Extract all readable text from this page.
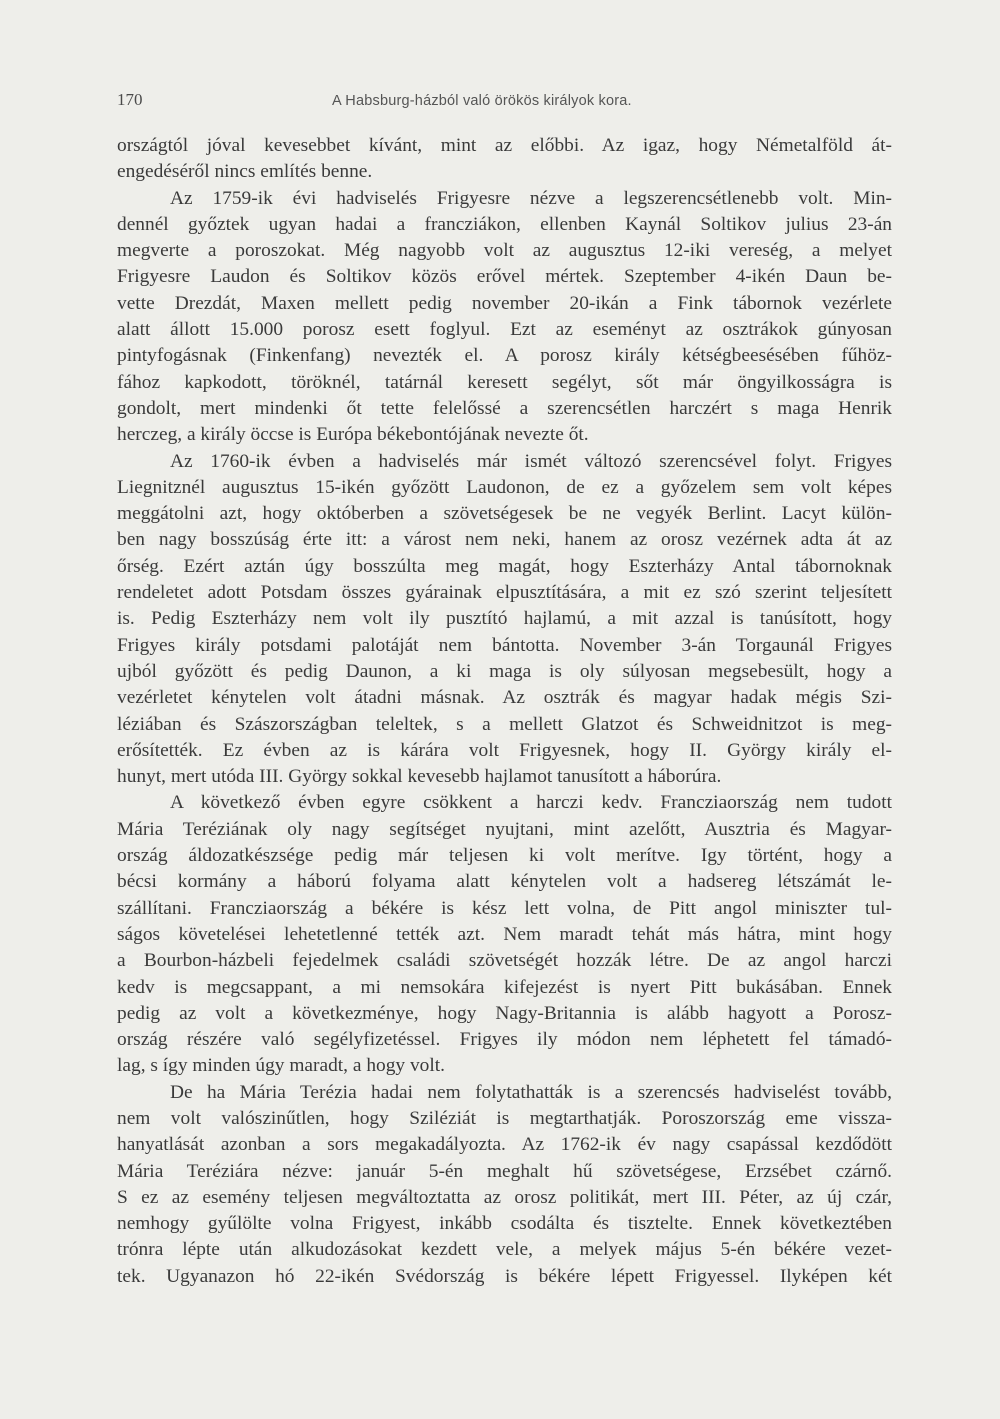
170	A Habsburg-házból való örökös királyok kora.
országtól jóval kevesebbet kívánt, mint az előbbi. Az igaz, hogy Németalföld át-
engedéséről nincs említés benne.
Az 1759-ik évi hadviselés Frigyesre nézve a legszerencsétlenebb volt. Min-
dennél győztek ugyan hadai a francziákon, ellenben Kaynál Soltikov julius 23-án
megverte a poroszokat. Még nagyobb volt az augusztus 12-iki vereség, a melyet
Frigyesre Laudon és Soltikov közös erővel mértek. Szeptember 4-ikén Daun be-
vette Drezdát, Maxen mellett pedig november 20-ikán a Fink tábornok vezérlete
alatt állott 15.000 porosz esett foglyul. Ezt az eseményt az osztrákok gúnyosan
pintyfogásnak (Finkenfang) nevezték el. A porosz király kétségbeesésében fűhöz-
fához kapkodott, töröknél, tatárnál keresett segélyt, sőt már öngyilkosságra is
gondolt, mert mindenki őt tette felelőssé a szerencsétlen harczért s maga Henrik
herczeg, a király öccse is Európa békebontójának nevezte őt.
Az 1760-ik évben a hadviselés már ismét változó szerencsével folyt. Frigyes
Liegnitznél augusztus 15-ikén győzött Laudonon, de ez a győzelem sem volt képes
meggátolni azt, hogy októberben a szövetségesek be ne vegyék Berlint. Lacyt külön-
ben nagy bosszúság érte itt: a várost nem neki, hanem az orosz vezérnek adta át az
őrség. Ezért aztán úgy bosszúlta meg magát, hogy Eszterházy Antal tábornoknak
rendeletet adott Potsdam összes gyárainak elpusztítására, a mit ez szó szerint teljesített
is. Pedig Eszterházy nem volt ily pusztító hajlamú, a mit azzal is tanúsított, hogy
Frigyes király potsdami palotáját nem bántotta. November 3-án Torgaunál Frigyes
ujból győzött és pedig Daunon, a ki maga is oly súlyosan megsebesült, hogy a
vezérletet kénytelen volt átadni másnak. Az osztrák és magyar hadak mégis Szi-
léziában és Szászországban teleltek, s a mellett Glatzot és Schweidnitzot is meg-
erősítették. Ez évben az is kárára volt Frigyesnek, hogy II. György király el-
hunyt, mert utóda III. György sokkal kevesebb hajlamot tanusított a háborúra.
A következő évben egyre csökkent a harczi kedv. Francziaország nem tudott
Mária Teréziának oly nagy segítséget nyujtani, mint azelőtt, Ausztria és Magyar-
ország áldozatkészsége pedig már teljesen ki volt merítve. Igy történt, hogy a
bécsi kormány a háború folyama alatt kénytelen volt a hadsereg létszámát le-
szállítani. Francziaország a békére is kész lett volna, de Pitt angol miniszter tul-
ságos követelései lehetetlenné tették azt. Nem maradt tehát más hátra, mint hogy
a Bourbon-házbeli fejedelmek családi szövetségét hozzák létre. De az angol harczi
kedv is megcsappant, a mi nemsokára kifejezést is nyert Pitt bukásában. Ennek
pedig az volt a következménye, hogy Nagy-Britannia is alább hagyott a Porosz-
ország részére való segélyfizetéssel. Frigyes ily módon nem léphetett fel támadó-
lag, s így minden úgy maradt, a hogy volt.
De ha Mária Terézia hadai nem folytathatták is a szerencsés hadviselést tovább,
nem volt valószinűtlen, hogy Sziléziát is megtarthatják. Poroszország eme vissza-
hanyatlását azonban a sors megakadályozta. Az 1762-ik év nagy csapással kezdődött
Mária Teréziára nézve: január 5-én meghalt hű szövetségese, Erzsébet czárnő.
S ez az esemény teljesen megváltoztatta az orosz politikát, mert III. Péter, az új czár,
nemhogy gyűlölte volna Frigyest, inkább csodálta és tisztelte. Ennek következtében
trónra lépte után alkudozásokat kezdett vele, a melyek május 5-én békére vezet-
tek. Ugyanazon hó 22-ikén Svédország is békére lépett Frigyessel. Ilyképen két
